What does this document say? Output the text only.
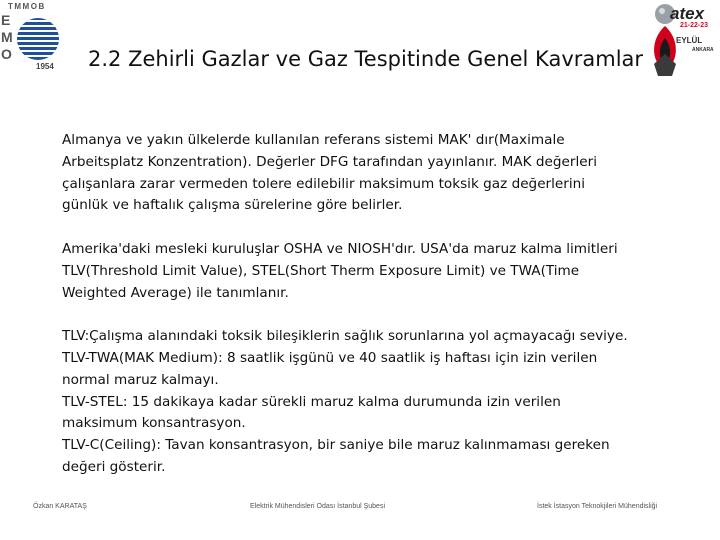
TMMOB
E
M
O
1954 2.2 Zehirli Gazlar ve Gaz Tespitinde Genel Kavramlar
atex
21-22-23
EYLÜL
ANKARA

Almanya ve yakın ülkelerde kullanılan referans sistemi MAK' dır(Maximale
Arbeitsplatz Konzentration). Değerler DFG tarafından yayınlanır. MAK değerleri
çalışanlara zarar vermeden tolere edilebilir maksimum toksik gaz değerlerini
günlük ve haftalık çalışma sürelerine göre belirler.

Amerika'daki mesleki kuruluşlar OSHA ve NIOSH'dır. USA'da maruz kalma limitleri
TLV(Threshold Limit Value), STEL(Short Therm Exposure Limit) ve TWA(Time
Weighted Average) ile tanımlanır.

TLV:Çalışma alanındaki toksik bileşiklerin sağlık sorunlarına yol açmayacağı seviye.
TLV-TWA(MAK Medium): 8 saatlik işgünü ve 40 saatlik iş haftası için izin verilen
normal maruz kalmayı.
TLV-STEL: 15 dakikaya kadar sürekli maruz kalma durumunda izin verilen
maksimum konsantrasyon.
TLV-C(Ceiling): Tavan konsantrasyon, bir saniye bile maruz kalınmaması gereken
değeri gösterir.

Özkan KARATAŞ	Elektrik Mühendisleri Odası İstanbul Şubesi	İstek İstasyon Teknokjileri Mühendisliği
